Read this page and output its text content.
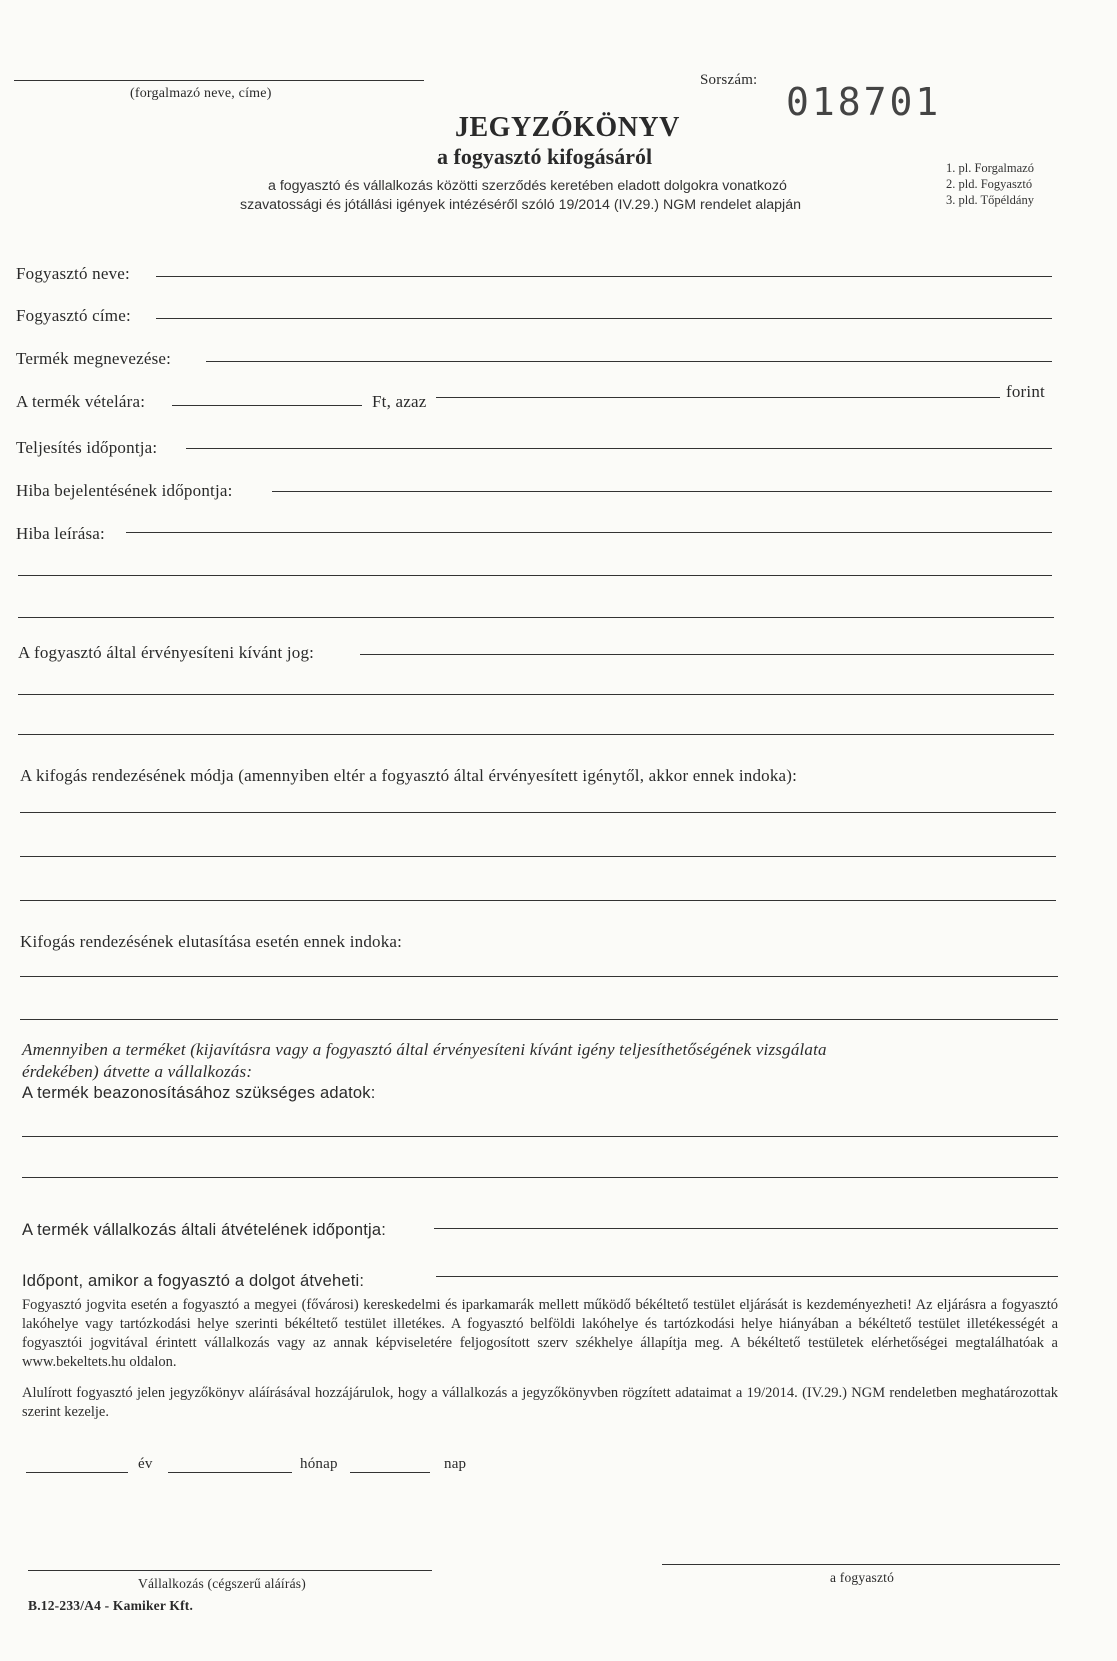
(forgalmazó neve, címe)
Sorszám: 018701
JEGYZŐKÖNYV
a fogyasztó kifogásáról
a fogyasztó és vállalkozás közötti szerződés keretében eladott dolgokra vonatkozó
szavatossági és jótállási igények intézéséről szóló 19/2014 (IV.29.) NGM rendelet alapján
1. pl. Forgalmazó
2. pld. Fogyasztó
3. pld. Tőpéldány
Fogyasztó neve:
Fogyasztó címe:
Termék megnevezése:
A termék vételára:	Ft, azaz
forint
Teljesítés időpontja:
Hiba bejelentésének időpontja:
Hiba leírása:
A fogyasztó által érvényesíteni kívánt jog:
A kifogás rendezésének módja (amennyiben eltér a fogyasztó által érvényesített igénytől, akkor ennek indoka):
Kifogás rendezésének elutasítása esetén ennek indoka:
Amennyiben a terméket (kijavításra vagy a fogyasztó által érvényesíteni kívánt igény teljesíthetőségének vizsgálata
érdekében) átvette a vállalkozás:
A termék beazonosításához szükséges adatok:
A termék vállalkozás általi átvételének időpontja:
Időpont, amikor a fogyasztó a dolgot átveheti:
Fogyasztó jogvita esetén a fogyasztó a megyei (fővárosi) kereskedelmi és iparkamarák mellett működő békéltető testület eljárását is kezdeményezheti! Az eljárásra a fogyasztó lakóhelye vagy tartózkodási helye szerinti békéltető testület illetékes. A fogyasztó belföldi lakóhelye és tartózkodási helye hiányában a békéltető testület illetékességét a fogyasztói jogvitával érintett vállalkozás vagy az annak képviseletére feljogosított szerv székhelye állapítja meg. A békéltető testületek elérhetőségei megtalálhatóak a www.bekeltets.hu oldalon.
Alulírott fogyasztó jelen jegyzőkönyv aláírásával hozzájárulok, hogy a vállalkozás a jegyzőkönyvben rögzített adataimat a 19/2014. (IV.29.) NGM rendeletben meghatározottak szerint kezelje.
év	hónap	nap
Vállalkozás (cégszerű aláírás)	a fogyasztó
B.12-233/A4 - Kamiker Kft.
